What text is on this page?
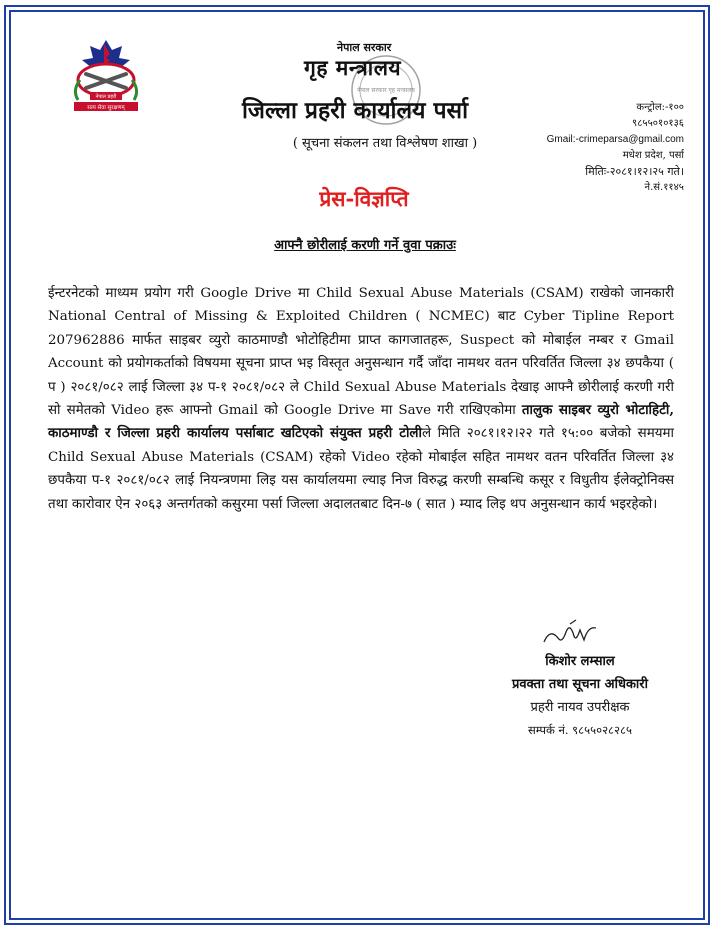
नेपाल प्रहरी
सत्य सेवा सुरक्षणम्
नेपाल सरकार गृह मन्त्रालय
नेपाल सरकार
गृह मन्त्रालय
जिल्ला प्रहरी कार्यालय पर्सा
( सूचना संकलन तथा विश्लेषण शाखा )
कन्ट्रोल:-१००
९८५५०१०१३६
Gmail:-crimeparsa@gmail.com
मधेश प्रदेश, पर्सा
मितिः-२०८१।१२।२५ गते।
ने.सं.११४५
प्रेस-विज्ञप्ति
आफ्नै छोरीलाई करणी गर्ने वुवा पक्राउः
ईन्टरनेटको माध्यम प्रयोग गरी Google Drive मा Child Sexual Abuse Materials (CSAM) राखेको जानकारी National Central of Missing & Exploited Children ( NCMEC) बाट Cyber Tipline Report 207962886 मार्फत साइबर व्युरो काठमाण्डौ भोटोहिटीमा प्राप्त कागजातहरू, Suspect को मोबाईल नम्बर र Gmail Account को प्रयोगकर्ताको विषयमा सूचना प्राप्त भइ विस्तृत अनुसन्धान गर्दै जाँदा नामथर वतन परिवर्तित जिल्ला ३४ छपकैया ( प ) २०८१/०८२ लाई जिल्ला ३४ प-१ २०८१/०८२ ले Child Sexual Abuse Materials देखाइ आफ्नै छोरीलाई करणी गरी सो समेतको Video हरू आफ्नो Gmail को Google Drive मा Save गरी राखिएकोमा तालुक साइबर व्युरो भोटाहिटी, काठमाण्डौ र जिल्ला प्रहरी कार्यालय पर्साबाट खटिएको संयुक्त प्रहरी टोलीले मिति २०८१।१२।२२ गते १५:०० बजेको समयमा Child Sexual Abuse Materials (CSAM) रहेको Video रहेको मोबाईल सहित नामथर वतन परिवर्तित जिल्ला ३४ छपकैया प-१ २०८१/०८२ लाई नियन्त्रणमा लिइ यस कार्यालयमा ल्याइ निज विरुद्ध करणी सम्बन्धि कसूर र विधुतीय ईलेक्ट्रोनिक्स तथा कारोवार ऐन २०६३ अन्तर्गतको कसुरमा पर्सा जिल्ला अदालतबाट दिन-७ ( सात ) म्याद लिइ थप अनुसन्धान कार्य भइरहेको।
किशोर लम्साल
प्रवक्ता तथा सूचना अधिकारी
प्रहरी नायव उपरीक्षक
सम्पर्क नं. ९८५५०२८२८५
